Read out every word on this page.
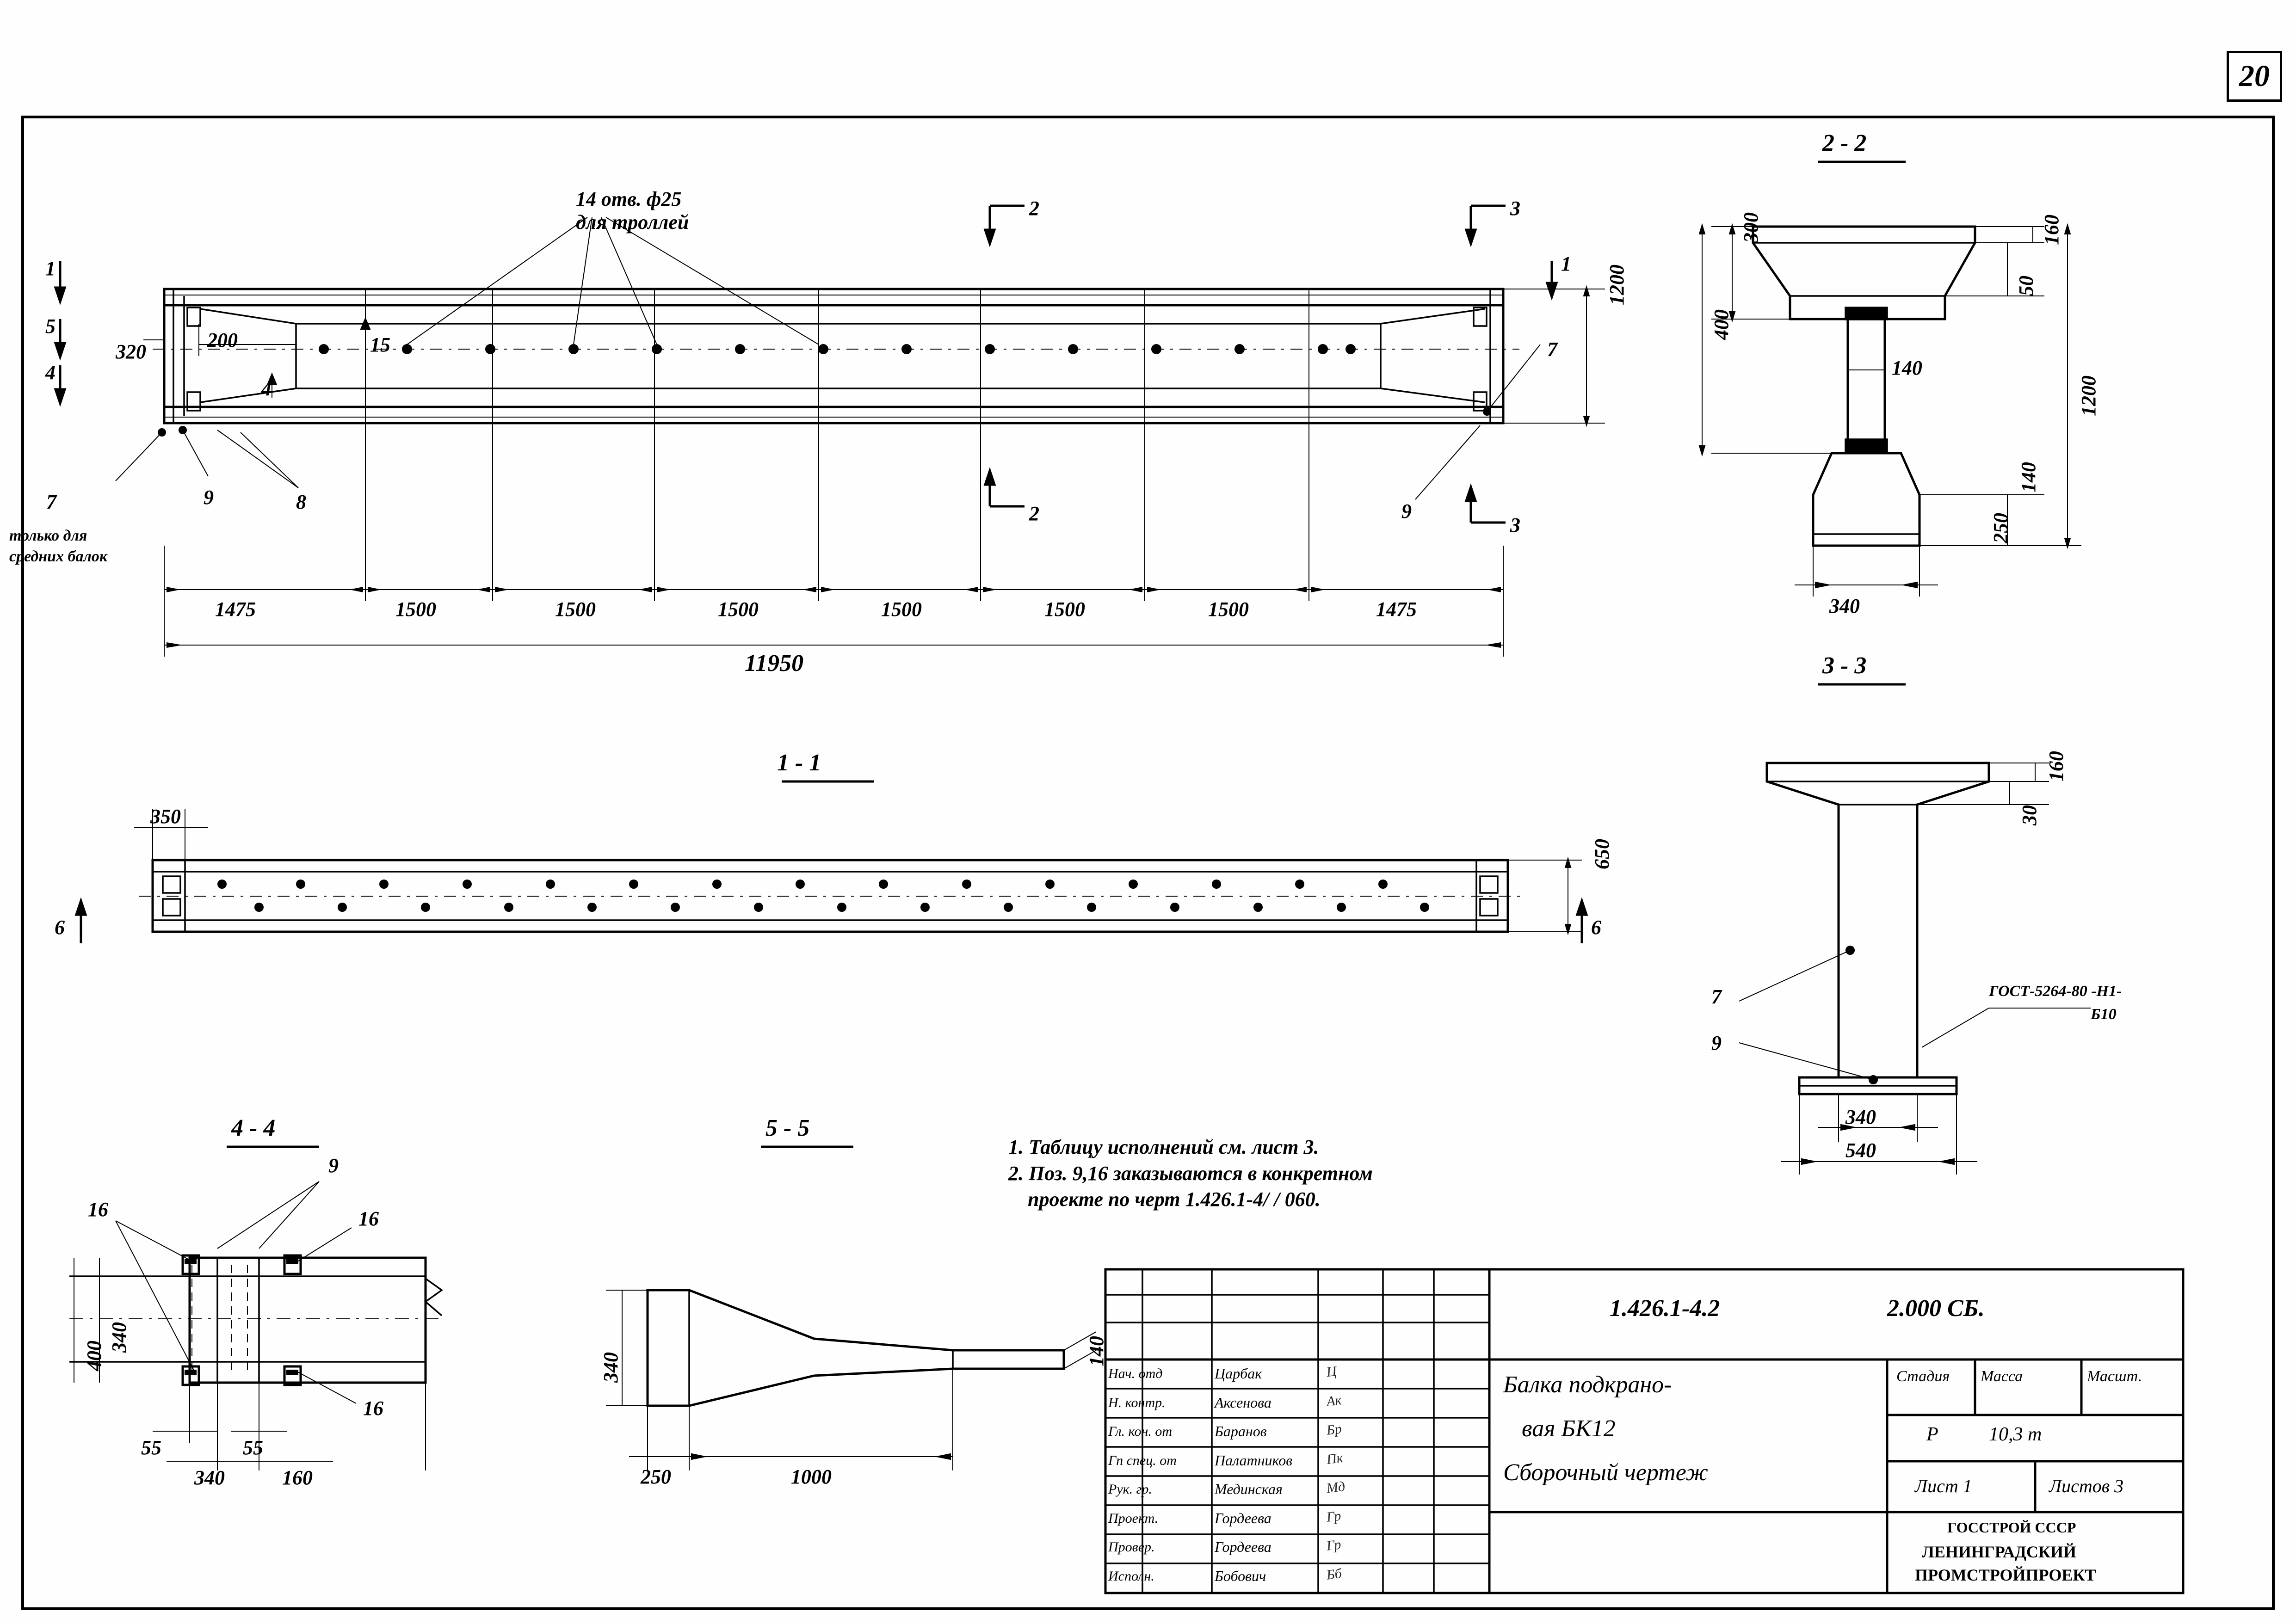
20
14 отв. ф25
для троллей
1
5
4
1
2
2
3
3
320
200	15
4
1200
7
только для
средних балок
9	8
7
9
1475	1500	1500	1500	1500	1500	1500	1475
11950
1 - 1
350
650
6	6
2 - 2
300
400
160
50
140
140
250
1200
340
3 - 3
160
30
7
9
ГОСТ-5264-80 -Н1-
Б10
340
540
4 - 4
9
16	16
16
340
400
55	55
340	160
5 - 5
340
140
250	1000
1. Таблицу исполнений см. лист 3.
2. Поз. 9,16 заказываются в конкретном
проекте по черт 1.426.1-4/ / 060.
1.426.1-4.2	2.000 СБ.
Балка подкрано-
вая БК12
Сборочный чертеж
Стадия Масса	Масшт.
Р	10,3 т
Лист 1	Листов 3
ГОССТРОЙ СССР
ЛЕНИНГРАДСКИЙ
ПРОМСТРОЙПРОЕКТ
Нач. отд	Царбак	Ц
Н. контр.	Аксенова	Ак
Гл. кон. от	Баранов	Бр
Гп спец. от	Палатников Пк
Рук. гр.	Мединская	Мд
Проект.	Гордеева	Гр
Провер.	Гордеева	Гр
Исполн.	Бобович	Бб
